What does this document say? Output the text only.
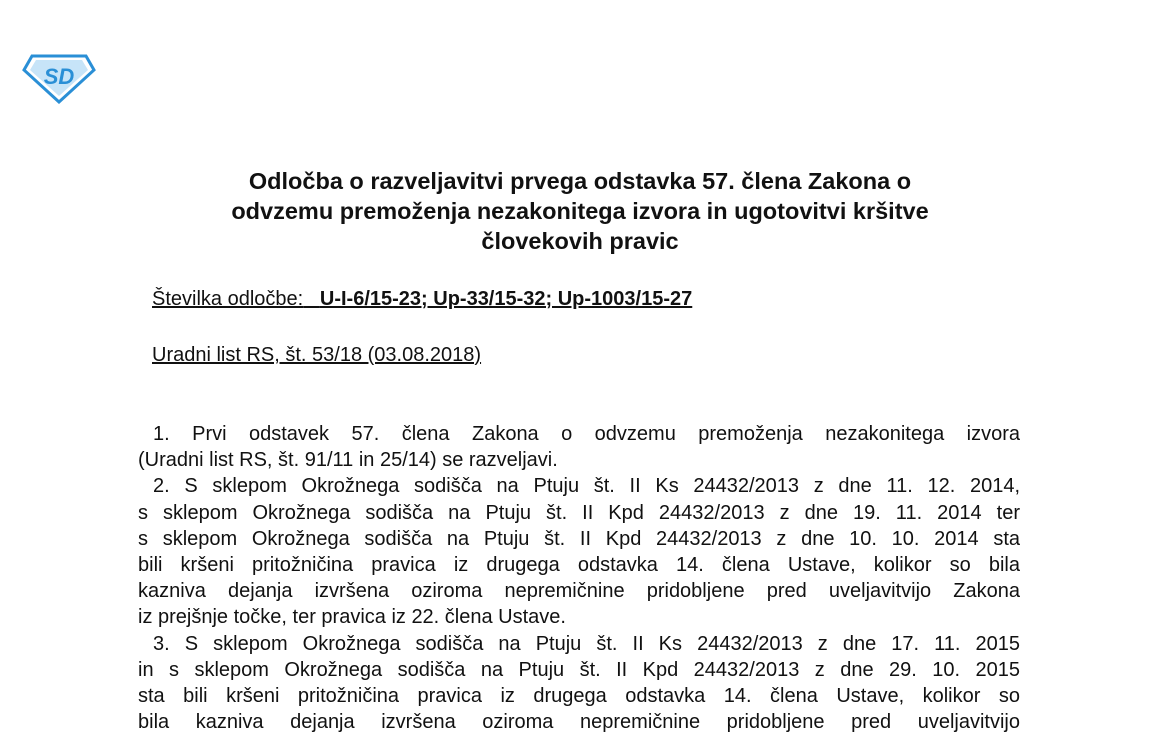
SD
Odločba o razveljavitvi prvega odstavka 57. člena Zakona o
odvzemu premoženja nezakonitega izvora in ugotovitvi kršitve
človekovih pravic
Številka odločbe: U-I-6/15-23; Up-33/15-32; Up-1003/15-27
Uradni list RS, št. 53/18 (03.08.2018)
1. Prvi odstavek 57. člena Zakona o odvzemu premoženja nezakonitega izvora
(Uradni list RS, št. 91/11 in 25/14) se razveljavi.
2. S sklepom Okrožnega sodišča na Ptuju št. II Ks 24432/2013 z dne 11. 12. 2014,
s sklepom Okrožnega sodišča na Ptuju št. II Kpd 24432/2013 z dne 19. 11. 2014 ter
s sklepom Okrožnega sodišča na Ptuju št. II Kpd 24432/2013 z dne 10. 10. 2014 sta
bili kršeni pritožničina pravica iz drugega odstavka 14. člena Ustave, kolikor so bila
kazniva dejanja izvršena oziroma nepremičnine pridobljene pred uveljavitvijo Zakona
iz prejšnje točke, ter pravica iz 22. člena Ustave.
3. S sklepom Okrožnega sodišča na Ptuju št. II Ks 24432/2013 z dne 17. 11. 2015
in s sklepom Okrožnega sodišča na Ptuju št. II Kpd 24432/2013 z dne 29. 10. 2015
sta bili kršeni pritožničina pravica iz drugega odstavka 14. člena Ustave, kolikor so
bila kazniva dejanja izvršena oziroma nepremičnine pridobljene pred uveljavitvijo
